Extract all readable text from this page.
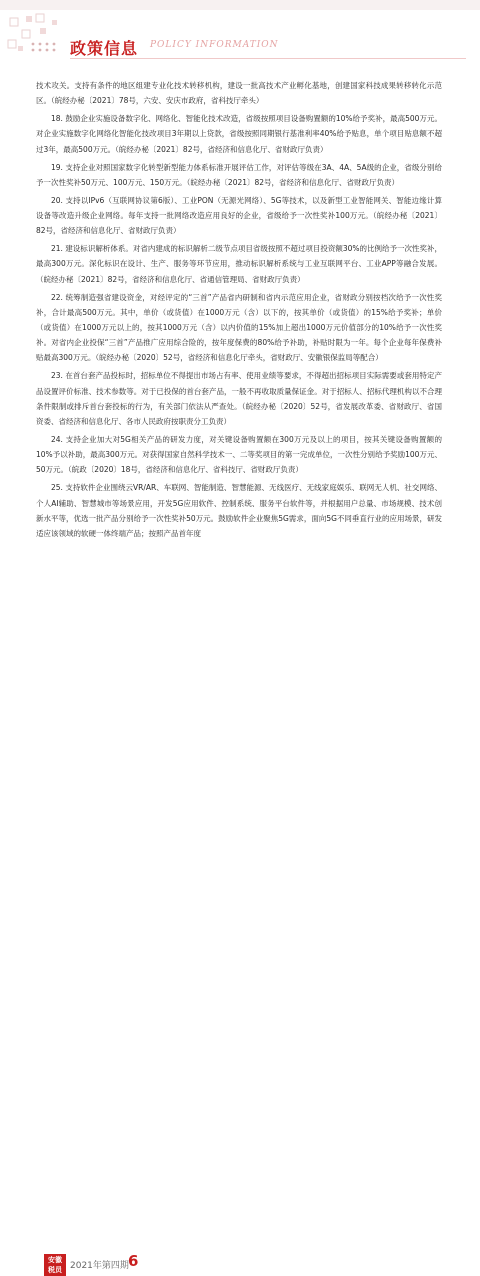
政策信息 POLICY INFORMATION

技术攻关。支持有条件的地区组建专业化技术转移机构，建设一批高技术产业孵化基地，创建国家科技成果转移转化示范区。（皖经办秘〔2021〕78号，六安、安庆市政府，省科技厅牵头）

18. 鼓励企业实施设备数字化、网络化、智能化技术改造，省级按照项目设备购置额的10%给予奖补，最高500万元。对企业实施数字化网络化智能化技改项目3年期以上贷款，省级按照同期银行基准利率40%给予贴息，单个项目贴息额不超过3年，最高500万元。（皖经办秘〔2021〕82号，省经济和信息化厅、省财政厅负责）

19. 支持企业对照国家数字化转型新型能力体系标准开展评估工作，对评估等级在3A、4A、5A级的企业，省级分别给予一次性奖补50万元、100万元、150万元。（皖经办秘〔2021〕82号，省经济和信息化厅、省财政厅负责）

20. 支持以IPv6（互联网协议第6版）、工业PON（无源光网络）、5G等技术，以及新型工业智能网关、智能边缘计算设备等改造升级企业网络。每年支持一批网络改造应用良好的企业，省级给予一次性奖补100万元。（皖经办秘〔2021〕82号，省经济和信息化厅、省财政厅负责）

21. 建设标识解析体系。对省内建成的标识解析二级节点项目省级按照不超过项目投资额30%的比例给予一次性奖补，最高300万元。深化标识在设计、生产、服务等环节应用，推动标识解析系统与工业互联网平台、工业APP等融合发展。（皖经办秘〔2021〕82号，省经济和信息化厅、省通信管理局、省财政厅负责）

22. 统筹制造强省建设资金，对经评定的“三首”产品省内研制和省内示范应用企业，省财政分别按档次给予一次性奖补，合计最高500万元。其中，单价（或货值）在1000万元（含）以下的，按其单价（或货值）的15%给予奖补；单价（或货值）在1000万元以上的，按其1000万元（含）以内价值的15%加上超出1000万元价值部分的10%给予一次性奖补。对省内企业投保“三首”产品推广应用综合险的，按年度保费的80%给予补助，补贴时限为一年。每个企业每年保费补贴最高300万元。（皖经办秘〔2020〕52号，省经济和信息化厅牵头，省财政厅、安徽银保监局等配合）

23. 在首台套产品投标时，招标单位不得提出市场占有率、使用业绩等要求，不得超出招标项目实际需要或套用特定产品设置评价标准、技术参数等。对于已投保的首台套产品，一般不再收取质量保证金。对于招标人、招标代理机构以不合理条件限制或排斥首台套投标的行为，有关部门依法从严查处。（皖经办秘〔2020〕52号，省发展改革委、省财政厅、省国资委、省经济和信息化厅、各市人民政府按职责分工负责）

24. 支持企业加大对5G相关产品的研发力度，对关键设备购置额在300万元及以上的项目，按其关键设备购置额的10%予以补助，最高300万元。对获得国家自然科学技术一、二等奖项目的第一完成单位，一次性分别给予奖励100万元、50万元。（皖政〔2020〕18号，省经济和信息化厅、省科技厅、省财政厅负责）

25. 支持软件企业围绕云VR/AR、车联网、智能制造、智慧能源、无线医疗、无线家庭娱乐、联网无人机、社交网络、个人AI辅助、智慧城市等场景应用，开发5G应用软件、控制系统、服务平台软件等，并根据用户总量、市场规模、技术创新水平等，优选一批产品分别给予一次性奖补50万元。鼓励软件企业聚焦5G需求，面向5G不同垂直行业的应用场景，研发适应该领域的软硬一体终端产品；按照产品首年度

安徽
税员 2021年第四期 6
